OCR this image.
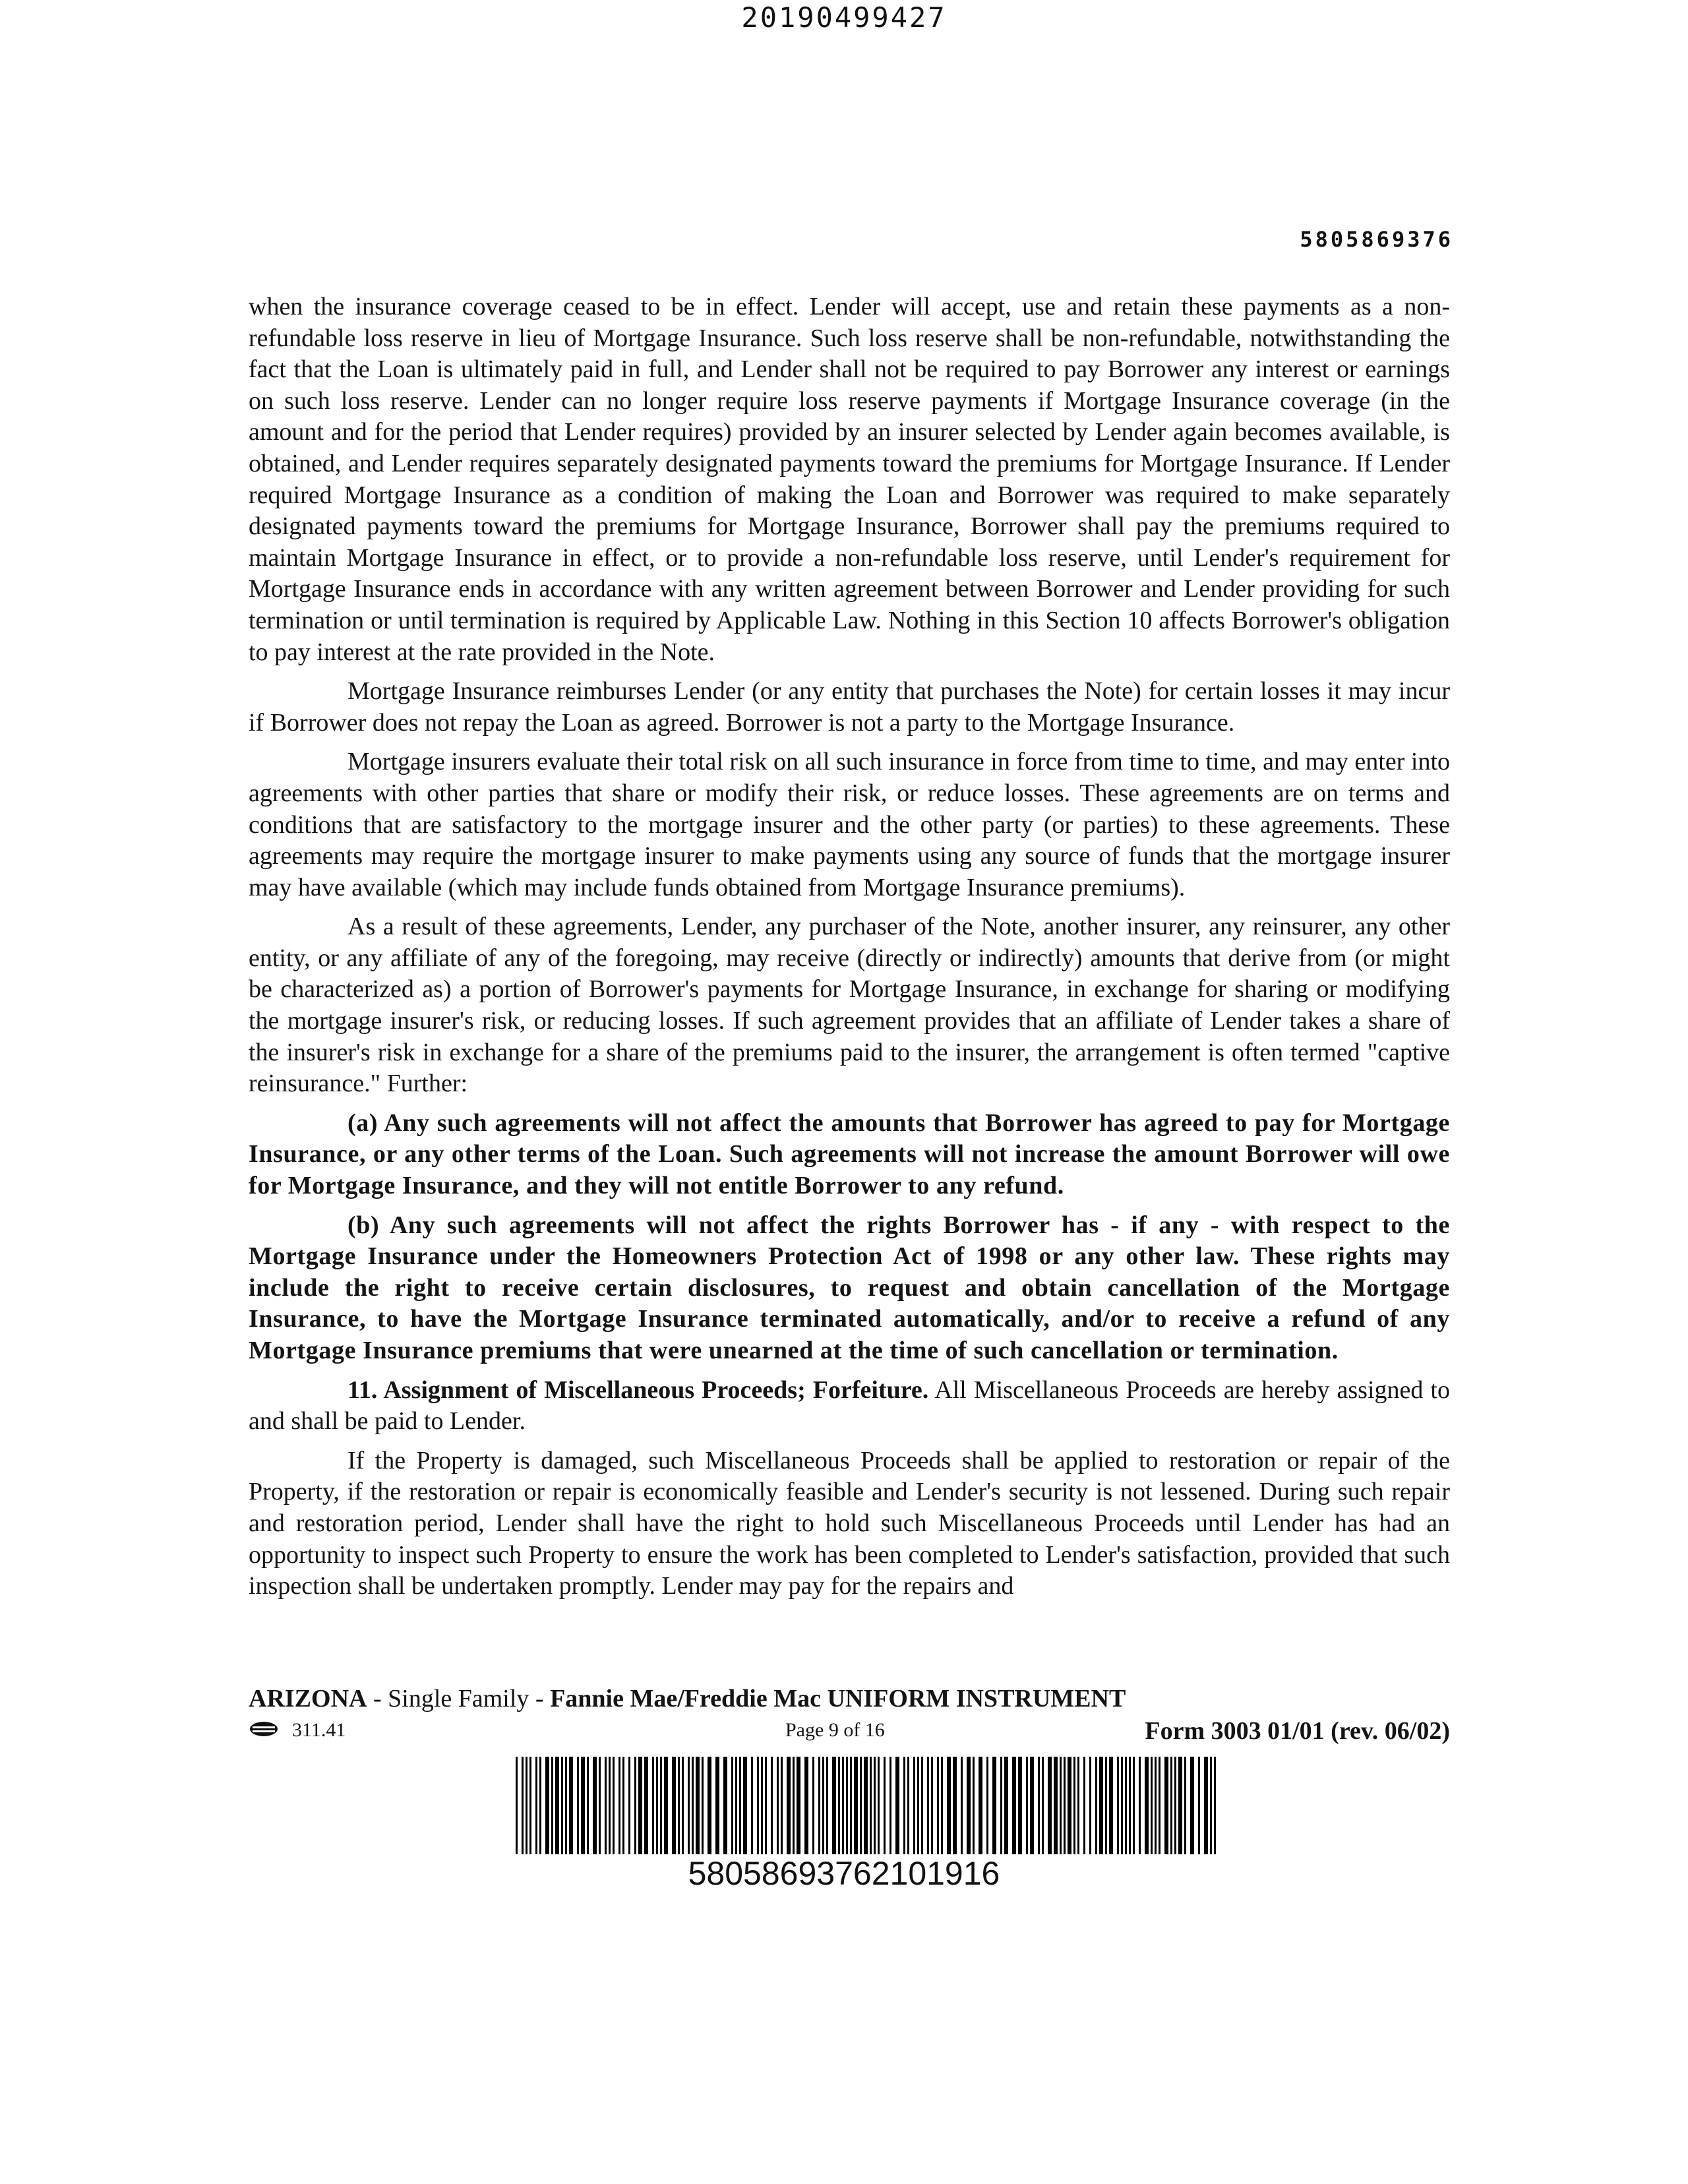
20190499427
5805869376

when the insurance coverage ceased to be in effect. Lender will accept, use and retain these payments as a non-refundable loss reserve in lieu of Mortgage Insurance. Such loss reserve shall be non-refundable, notwithstanding the fact that the Loan is ultimately paid in full, and Lender shall not be required to pay Borrower any interest or earnings on such loss reserve. Lender can no longer require loss reserve payments if Mortgage Insurance coverage (in the amount and for the period that Lender requires) provided by an insurer selected by Lender again becomes available, is obtained, and Lender requires separately designated payments toward the premiums for Mortgage Insurance. If Lender required Mortgage Insurance as a condition of making the Loan and Borrower was required to make separately designated payments toward the premiums for Mortgage Insurance, Borrower shall pay the premiums required to maintain Mortgage Insurance in effect, or to provide a non-refundable loss reserve, until Lender's requirement for Mortgage Insurance ends in accordance with any written agreement between Borrower and Lender providing for such termination or until termination is required by Applicable Law. Nothing in this Section 10 affects Borrower's obligation to pay interest at the rate provided in the Note.

Mortgage Insurance reimburses Lender (or any entity that purchases the Note) for certain losses it may incur if Borrower does not repay the Loan as agreed. Borrower is not a party to the Mortgage Insurance.

Mortgage insurers evaluate their total risk on all such insurance in force from time to time, and may enter into agreements with other parties that share or modify their risk, or reduce losses. These agreements are on terms and conditions that are satisfactory to the mortgage insurer and the other party (or parties) to these agreements. These agreements may require the mortgage insurer to make payments using any source of funds that the mortgage insurer may have available (which may include funds obtained from Mortgage Insurance premiums).

As a result of these agreements, Lender, any purchaser of the Note, another insurer, any reinsurer, any other entity, or any affiliate of any of the foregoing, may receive (directly or indirectly) amounts that derive from (or might be characterized as) a portion of Borrower's payments for Mortgage Insurance, in exchange for sharing or modifying the mortgage insurer's risk, or reducing losses. If such agreement provides that an affiliate of Lender takes a share of the insurer's risk in exchange for a share of the premiums paid to the insurer, the arrangement is often termed "captive reinsurance." Further:

(a) Any such agreements will not affect the amounts that Borrower has agreed to pay for Mortgage Insurance, or any other terms of the Loan. Such agreements will not increase the amount Borrower will owe for Mortgage Insurance, and they will not entitle Borrower to any refund.

(b) Any such agreements will not affect the rights Borrower has - if any - with respect to the Mortgage Insurance under the Homeowners Protection Act of 1998 or any other law. These rights may include the right to receive certain disclosures, to request and obtain cancellation of the Mortgage Insurance, to have the Mortgage Insurance terminated automatically, and/or to receive a refund of any Mortgage Insurance premiums that were unearned at the time of such cancellation or termination.

11. Assignment of Miscellaneous Proceeds; Forfeiture. All Miscellaneous Proceeds are hereby assigned to and shall be paid to Lender.

If the Property is damaged, such Miscellaneous Proceeds shall be applied to restoration or repair of the Property, if the restoration or repair is economically feasible and Lender's security is not lessened. During such repair and restoration period, Lender shall have the right to hold such Miscellaneous Proceeds until Lender has had an opportunity to inspect such Property to ensure the work has been completed to Lender's satisfaction, provided that such inspection shall be undertaken promptly. Lender may pay for the repairs and

ARIZONA - Single Family - Fannie Mae/Freddie Mac UNIFORM INSTRUMENT
311.41	Page 9 of 16	Form 3003 01/01 (rev. 06/02)
58058693762101916
